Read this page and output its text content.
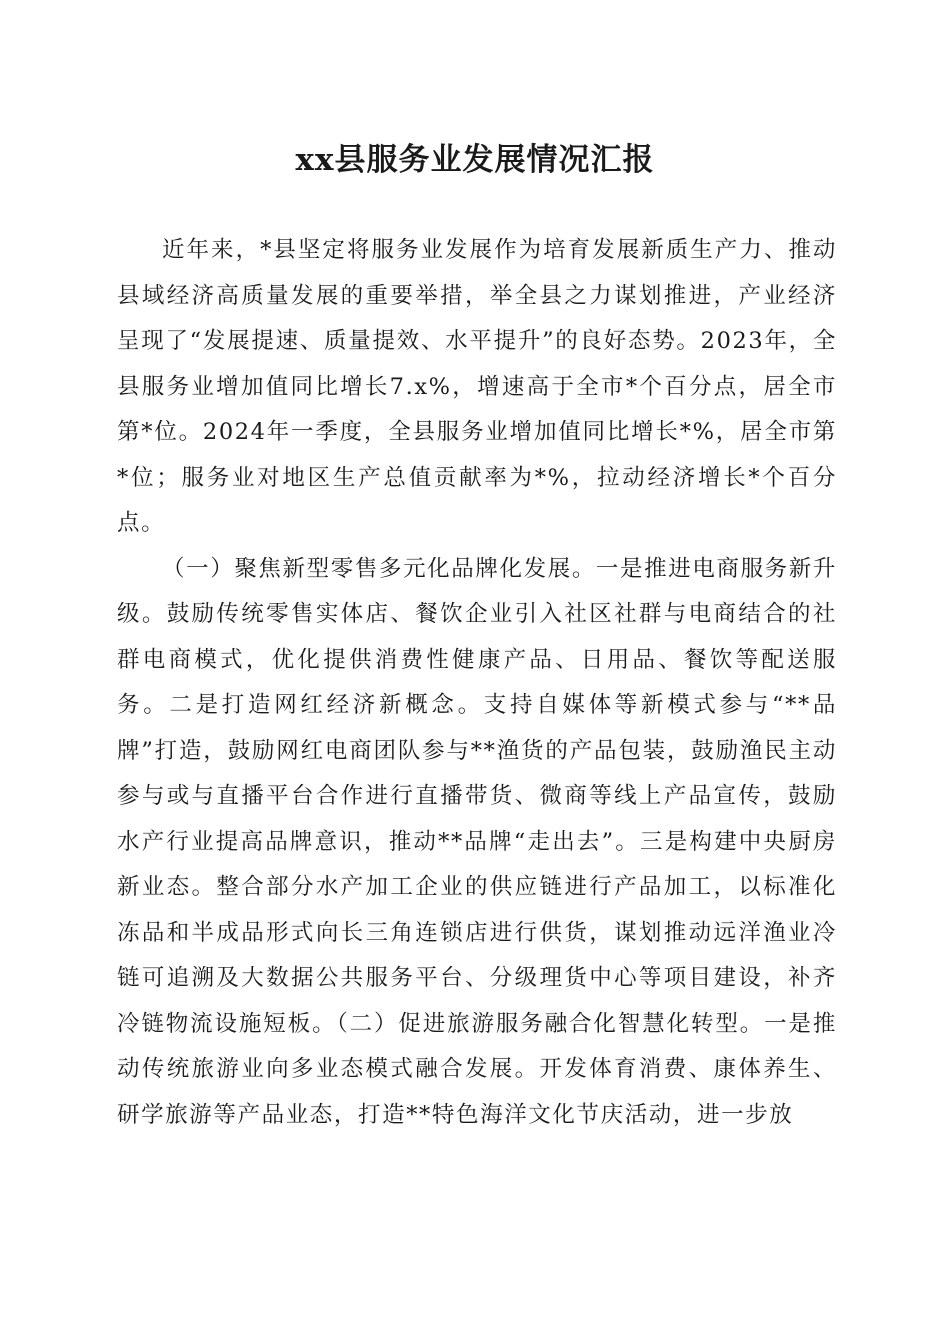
xx县服务业发展情况汇报

近年来，*县坚定将服务业发展作为培育发展新质生产力、推动县域经济高质量发展的重要举措，举全县之力谋划推进，产业经济呈现了“发展提速、质量提效、水平提升”的良好态势。2023年，全县服务业增加值同比增长7.x%，增速高于全市*个百分点，居全市第*位。2024年一季度，全县服务业增加值同比增长*%，居全市第*位；服务业对地区生产总值贡献率为*%，拉动经济增长*个百分点。

（一）聚焦新型零售多元化品牌化发展。一是推进电商服务新升级。鼓励传统零售实体店、餐饮企业引入社区社群与电商结合的社群电商模式，优化提供消费性健康产品、日用品、餐饮等配送服务。二是打造网红经济新概念。支持自媒体等新模式参与“**品牌”打造，鼓励网红电商团队参与**渔货的产品包装，鼓励渔民主动参与或与直播平台合作进行直播带货、微商等线上产品宣传，鼓励水产行业提高品牌意识，推动**品牌“走出去”。三是构建中央厨房新业态。整合部分水产加工企业的供应链进行产品加工，以标准化冻品和半成品形式向长三角连锁店进行供货，谋划推动远洋渔业冷链可追溯及大数据公共服务平台、分级理货中心等项目建设，补齐冷链物流设施短板。（二）促进旅游服务融合化智慧化转型。一是推动传统旅游业向多业态模式融合发展。开发体育消费、康体养生、研学旅游等产品业态，打造**特色海洋文化节庆活动，进一步放
